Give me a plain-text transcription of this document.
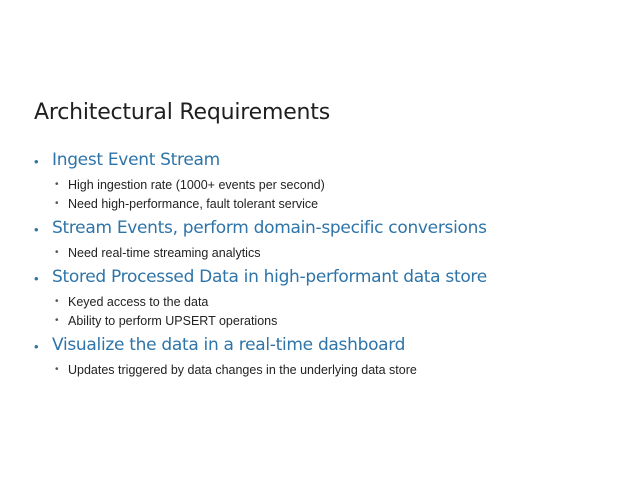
Architectural Requirements
• Ingest Event Stream
• High ingestion rate (1000+ events per second)
• Need high-performance, fault tolerant service
• Stream Events, perform domain-specific conversions
• Need real-time streaming analytics
• Stored Processed Data in high-performant data store
• Keyed access to the data
• Ability to perform UPSERT operations
• Visualize the data in a real-time dashboard
• Updates triggered by data changes in the underlying data store
